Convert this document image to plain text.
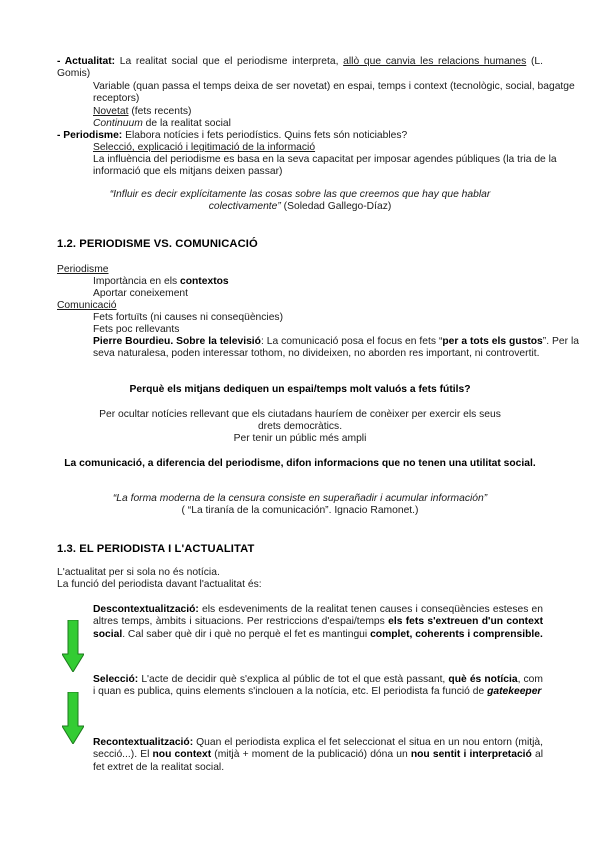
- Actualitat: La realitat social que el periodisme interpreta, allò que canvia les relacions humanes (L. Gomis)
Variable (quan passa el temps deixa de ser novetat) en espai, temps i context (tecnològic, social, bagatge receptors)
Novetat (fets recents)
Continuum de la realitat social
- Periodisme: Elabora notícies i fets periodístics. Quins fets són noticiables?
Selecció, explicació i legitimació de la informació
La influència del periodisme es basa en la seva capacitat per imposar agendes públiques (la tria de la informació que els mitjans deixen passar)
“Influir es decir explícitamente las cosas sobre las que creemos que hay que hablar colectivamente” (Soledad Gallego-Díaz)
1.2. PERIODISME VS. COMUNICACIÓ
Periodisme
Importància en els contextos
Aportar coneixement
Comunicació
Fets fortuïts (ni causes ni conseqüències)
Fets poc rellevants
Pierre Bourdieu. Sobre la televisió: La comunicació posa el focus en fets “per a tots els gustos”. Per la seva naturalesa, poden interessar tothom, no divideixen, no aborden res important, ni controvertit.
Perquè els mitjans dediquen un espai/temps molt valuós a fets fútils?
Per ocultar notícies rellevant que els ciutadans hauríem de conèixer per exercir els seus drets democràtics.
Per tenir un públic més ampli
La comunicació, a diferencia del periodisme, difon informacions que no tenen una utilitat social.
“La forma moderna de la censura consiste en superañadir i acumular información”
( “La tiranía de la comunicación”. Ignacio Ramonet.)
1.3. EL PERIODISTA I L'ACTUALITAT
L'actualitat per si sola no és notícia.
La funció del periodista davant l'actualitat és:
Descontextualització: els esdeveniments de la realitat tenen causes i conseqüències esteses en altres temps, àmbits i situacions. Per restriccions d'espai/temps els fets s'extreuen d'un context social. Cal saber què dir i què no perquè el fet es mantingui complet, coherents i comprensible.
Selecció: L'acte de decidir què s'explica al públic de tot el que està passant, què és notícia, com i quan es publica, quins elements s'inclouen a la notícia, etc. El periodista fa funció de gatekeeper
Recontextualització: Quan el periodista explica el fet seleccionat el situa en un nou entorn (mitjà, secció...). El nou context (mitjà + moment de la publicació) dóna un nou sentit i interpretació al fet extret de la realitat social.
